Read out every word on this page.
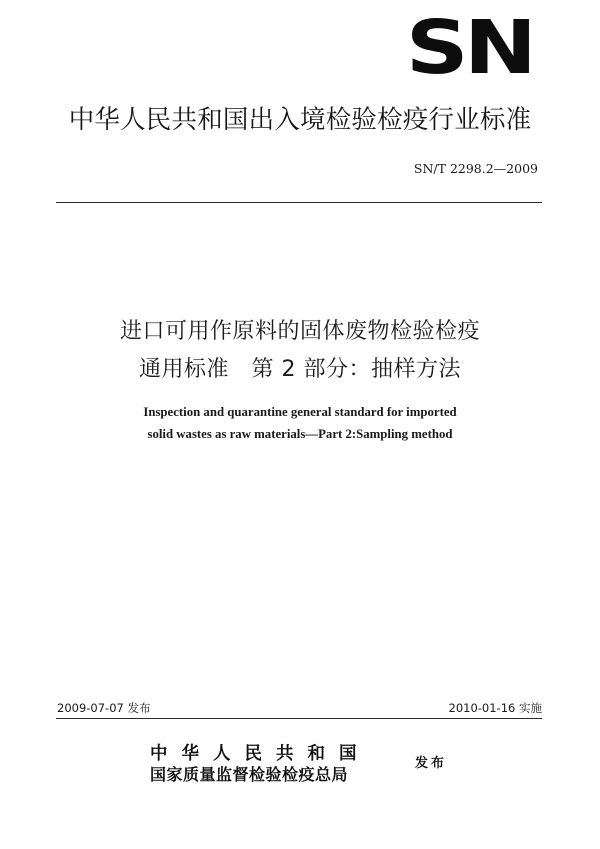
SN
中华人民共和国出入境检验检疫行业标准
SN/T 2298.2—2009
进口可用作原料的固体废物检验检疫
通用标准　第 2 部分：抽样方法
Inspection and quarantine general standard for imported
solid wastes as raw materials—Part 2:Sampling method
2009-07-07 发布	2010-01-16 实施
中华人民共和国
国家质量监督检验检疫总局
发布
